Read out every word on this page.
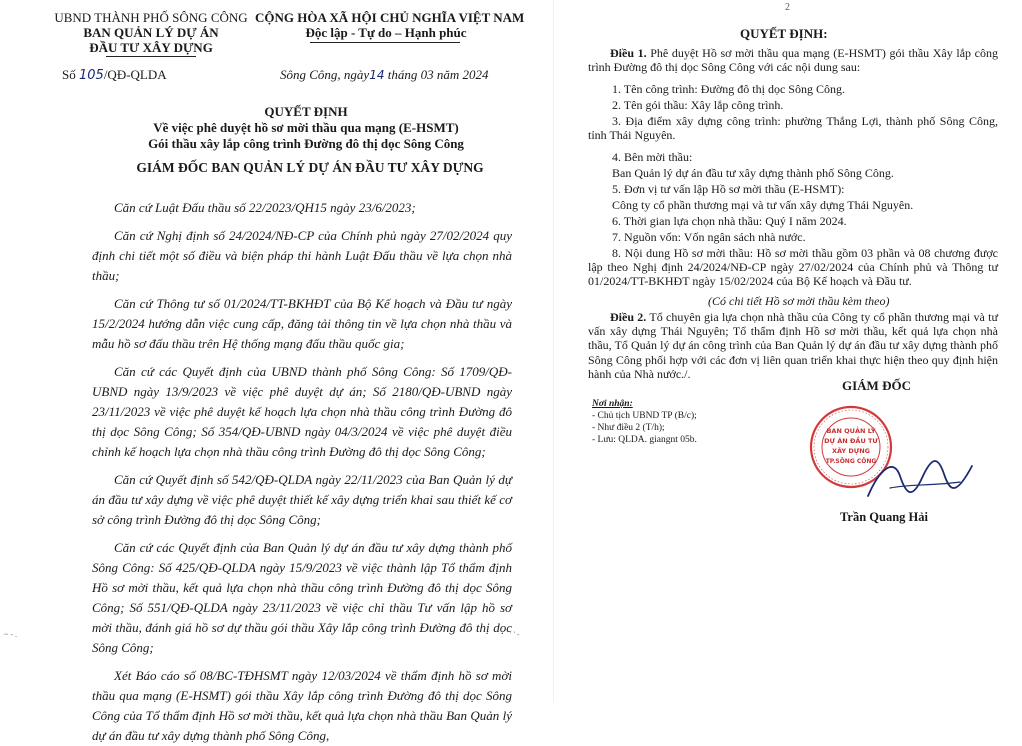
UBND THÀNH PHỐ SÔNG CÔNG
BAN QUẢN LÝ DỰ ÁN
ĐẦU TƯ XÂY DỰNG
CỘNG HÒA XÃ HỘI CHỦ NGHĨA VIỆT NAM
Độc lập - Tự do – Hạnh phúc
Số 105/QĐ-QLDA	Sông Công, ngày14 tháng 03 năm 2024
QUYẾT ĐỊNH
Về việc phê duyệt hồ sơ mời thầu qua mạng (E-HSMT)
Gói thầu xây lắp công trình Đường đô thị dọc Sông Công
GIÁM ĐỐC BAN QUẢN LÝ DỰ ÁN ĐẦU TƯ XÂY DỰNG

Căn cứ Luật Đấu thầu số 22/2023/QH15 ngày 23/6/2023;

Căn cứ Nghị định số 24/2024/NĐ-CP của Chính phủ ngày 27/02/2024 quy định chi tiết một số điều và biện pháp thi hành Luật Đấu thầu về lựa chọn nhà thầu;

Căn cứ Thông tư số 01/2024/TT-BKHĐT của Bộ Kế hoạch và Đầu tư ngày 15/2/2024 hướng dẫn việc cung cấp, đăng tải thông tin về lựa chọn nhà thầu và mẫu hồ sơ đấu thầu trên Hệ thống mạng đấu thầu quốc gia;

Căn cứ các Quyết định của UBND thành phố Sông Công: Số 1709/QĐ-UBND ngày 13/9/2023 về việc phê duyệt dự án; Số 2180/QĐ-UBND ngày 23/11/2023 về việc phê duyệt kế hoạch lựa chọn nhà thầu công trình Đường đô thị dọc Sông Công; Số 354/QĐ-UBND ngày 04/3/2024 về việc phê duyệt điều chỉnh kế hoạch lựa chọn nhà thầu công trình Đường đô thị dọc Sông Công;

Căn cứ Quyết định số 542/QĐ-QLDA ngày 22/11/2023 của Ban Quản lý dự án đầu tư xây dựng về việc phê duyệt thiết kế xây dựng triển khai sau thiết kế cơ sở công trình Đường đô thị dọc Sông Công;

Căn cứ các Quyết định của Ban Quản lý dự án đầu tư xây dựng thành phố Sông Công: Số 425/QĐ-QLDA ngày 15/9/2023 về việc thành lập Tổ thẩm định Hồ sơ mời thầu, kết quả lựa chọn nhà thầu công trình Đường đô thị dọc Sông Công; Số 551/QĐ-QLDA ngày 23/11/2023 về việc chỉ thầu Tư vấn lập hồ sơ mời thầu, đánh giá hồ sơ dự thầu gói thầu Xây lắp công trình Đường đô thị dọc Sông Công;

Xét Báo cáo số 08/BC-TĐHSMT ngày 12/03/2024 về thẩm định hồ sơ mời thầu qua mạng (E-HSMT) gói thầu Xây lắp công trình Đường đô thị dọc Sông Công của Tổ thẩm định Hồ sơ mời thầu, kết quả lựa chọn nhà thầu Ban Quản lý dự án đầu tư xây dựng thành phố Sông Công,

~ - .	' ' -
2
QUYẾT ĐỊNH:
Điều 1. Phê duyệt Hồ sơ mời thầu qua mạng (E-HSMT) gói thầu Xây lắp công trình Đường đô thị dọc Sông Công với các nội dung sau:
1. Tên công trình: Đường đô thị dọc Sông Công.
2. Tên gói thầu: Xây lắp công trình.
3. Địa điểm xây dựng công trình: phường Thắng Lợi, thành phố Sông Công, tỉnh Thái Nguyên.
4. Bên mời thầu:
Ban Quản lý dự án đầu tư xây dựng thành phố Sông Công.
5. Đơn vị tư vấn lập Hồ sơ mời thầu (E-HSMT):
Công ty cổ phần thương mại và tư vấn xây dựng Thái Nguyên.
6. Thời gian lựa chọn nhà thầu: Quý I năm 2024.
7. Nguồn vốn: Vốn ngân sách nhà nước.
8. Nội dung Hồ sơ mời thầu: Hồ sơ mời thầu gồm 03 phần và 08 chương được lập theo Nghị định 24/2024/NĐ-CP ngày 27/02/2024 của Chính phủ và Thông tư 01/2024/TT-BKHĐT ngày 15/02/2024 của Bộ Kế hoạch và Đầu tư.
(Có chi tiết Hồ sơ mời thầu kèm theo)
Điều 2. Tổ chuyên gia lựa chọn nhà thầu của Công ty cổ phần thương mại và tư vấn xây dựng Thái Nguyên; Tổ thẩm định Hồ sơ mời thầu, kết quả lựa chọn nhà thầu, Tổ Quản lý dự án công trình của Ban Quản lý dự án đầu tư xây dựng thành phố Sông Công phối hợp với các đơn vị liên quan triển khai thực hiện theo quy định hiện hành của Nhà nước./.
Nơi nhận:
- Chủ tịch UBND TP (B/c);
- Như điều 2 (T/h);
- Lưu: QLDA. giangnt 05b.
GIÁM ĐỐC
BAN QUẢN LÝ
DỰ ÁN ĐẦU TƯ
XÂY DỰNG
TP.SÔNG CÔNG
Trần Quang Hải
